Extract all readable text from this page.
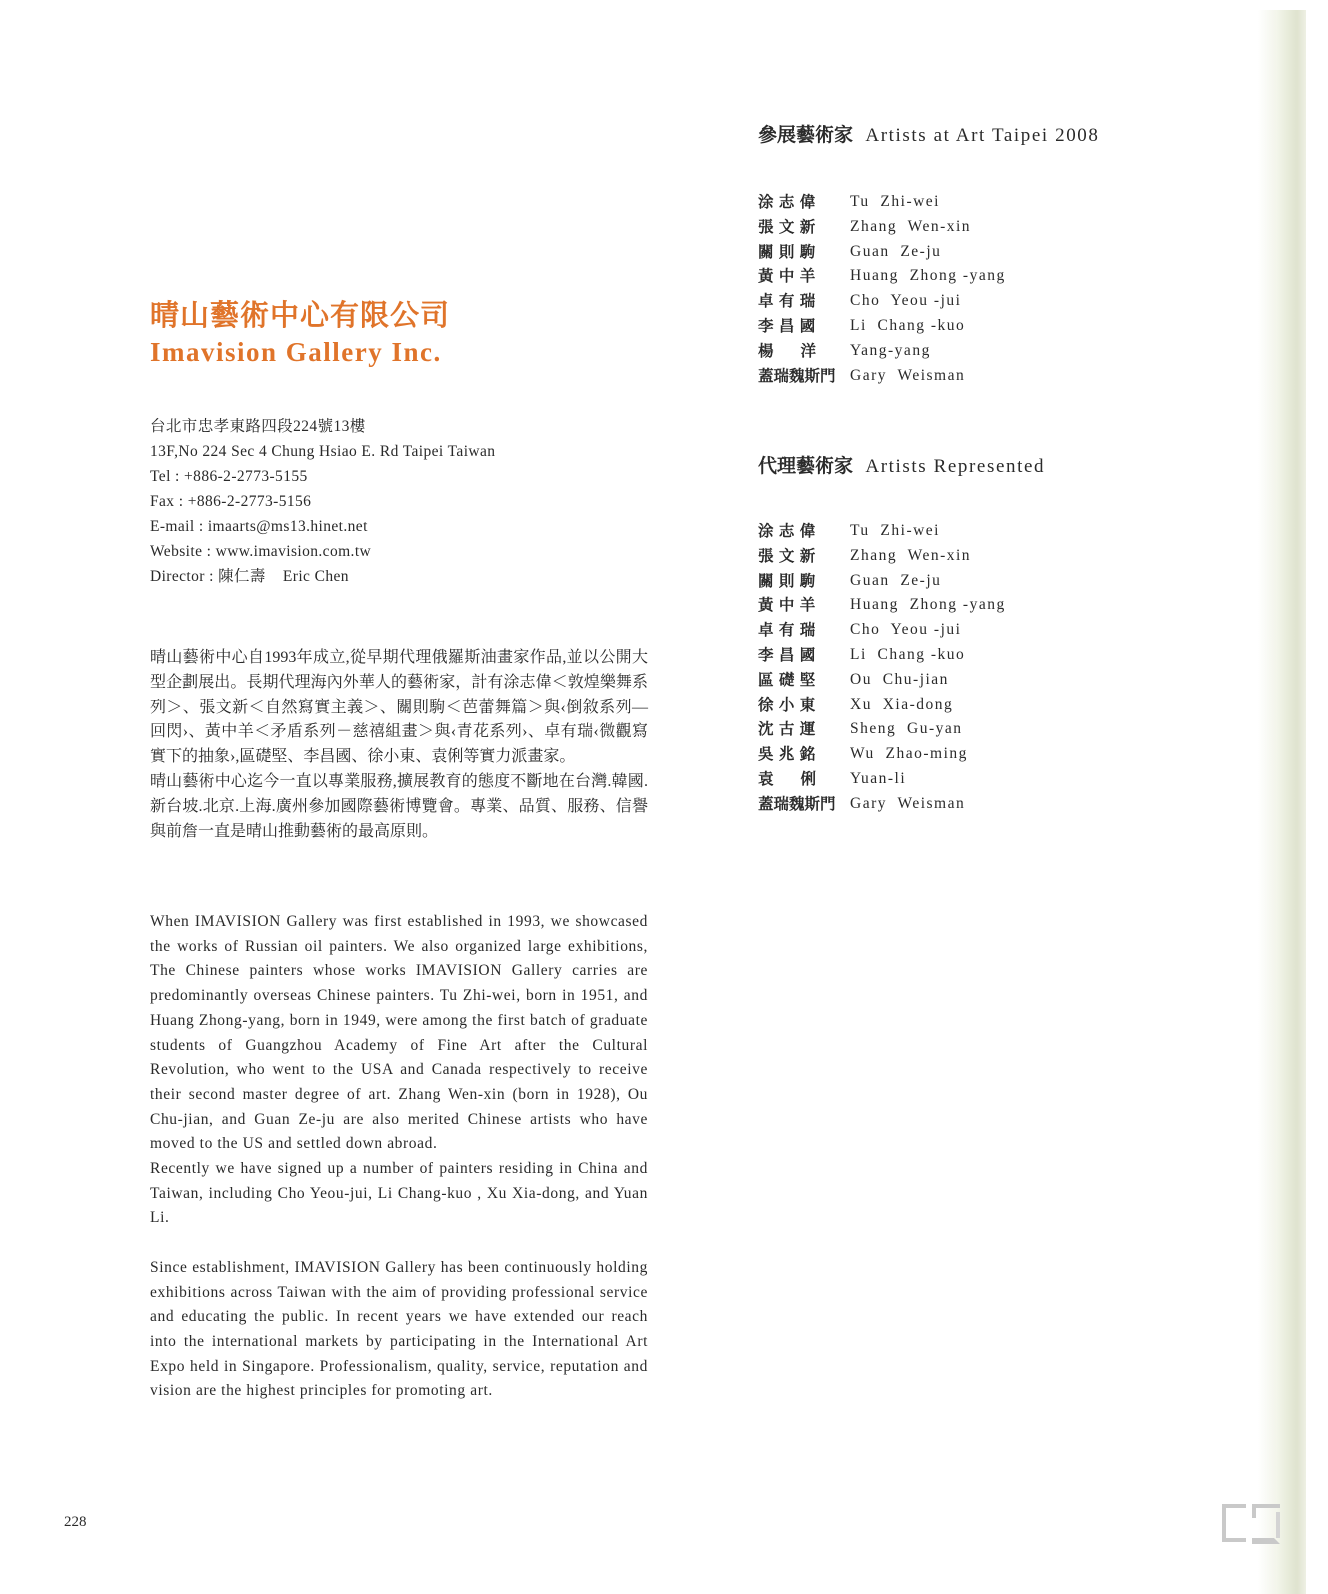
晴山藝術中心有限公司
Imavision Gallery Inc.
台北市忠孝東路四段224號13樓
13F,No 224 Sec 4 Chung Hsiao E. Rd Taipei Taiwan
Tel : +886-2-2773-5155
Fax : +886-2-2773-5156
E-mail : imaarts@ms13.hinet.net
Website : www.imavision.com.tw
Director : 陳仁壽    Eric Chen

晴山藝術中心自1993年成立,從早期代理俄羅斯油畫家作品,並以公開大型企劃展出。長期代理海內外華人的藝術家，計有涂志偉＜敦煌樂舞系列＞、張文新＜自然寫實主義＞、關則駒＜芭蕾舞篇＞與‹倒敘系列—回閃›、黃中羊＜矛盾系列－慈禧組畫＞與‹青花系列›、卓有瑞‹微觀寫實下的抽象›,區礎堅、李昌國、徐小東、袁俐等實力派畫家。

晴山藝術中心迄今一直以專業服務,擴展教育的態度不斷地在台灣.韓國.新台坡.北京.上海.廣州參加國際藝術博覽會。專業、品質、服務、信譽與前詹一直是晴山推動藝術的最高原則。

When IMAVISION Gallery was first established in 1993, we showcased the works of Russian oil painters. We also organized large exhibitions, The Chinese painters whose works IMAVISION Gallery carries are predominantly overseas Chinese painters. Tu Zhi-wei, born in 1951, and Huang Zhong-yang, born in 1949, were among the first batch of graduate students of Guangzhou Academy of Fine Art after the Cultural Revolution, who went to the USA and Canada respectively to receive their second master degree of art. Zhang Wen-xin (born in 1928), Ou Chu-jian, and Guan Ze-ju are also merited Chinese artists who have moved to the US and settled down abroad.

Recently we have signed up a number of painters residing in China and Taiwan, including Cho Yeou-jui, Li Chang-kuo , Xu Xia-dong, and Yuan Li.

Since establishment, IMAVISION Gallery has been continuously holding exhibitions across Taiwan with the aim of providing professional service and educating the public. In recent years we have extended our reach into the international markets by participating in the International Art Expo held in Singapore. Professionalism, quality, service, reputation and vision are the highest principles for promoting art.

參展藝術家 Artists at Art Taipei 2008
涂 志 偉	Tu  Zhi-wei
張 文 新	Zhang  Wen-xin
關 則 駒	Guan  Ze-ju
黃 中 羊	Huang  Zhong -yang
卓 有 瑞	Cho  Yeou -jui
李 昌 國	Li  Chang -kuo
楊     洋	Yang-yang
蓋瑞魏斯門 Gary  Weisman
代理藝術家 Artists Represented
涂 志 偉	Tu  Zhi-wei
張 文 新	Zhang  Wen-xin
關 則 駒	Guan  Ze-ju
黃 中 羊	Huang  Zhong -yang
卓 有 瑞	Cho  Yeou -jui
李 昌 國	Li  Chang -kuo
區 礎 堅	Ou  Chu-jian
徐 小 東	Xu  Xia-dong
沈 古 運	Sheng  Gu-yan
吳 兆 銘	Wu  Zhao-ming
袁     俐	Yuan-li
蓋瑞魏斯門 Gary  Weisman
228
